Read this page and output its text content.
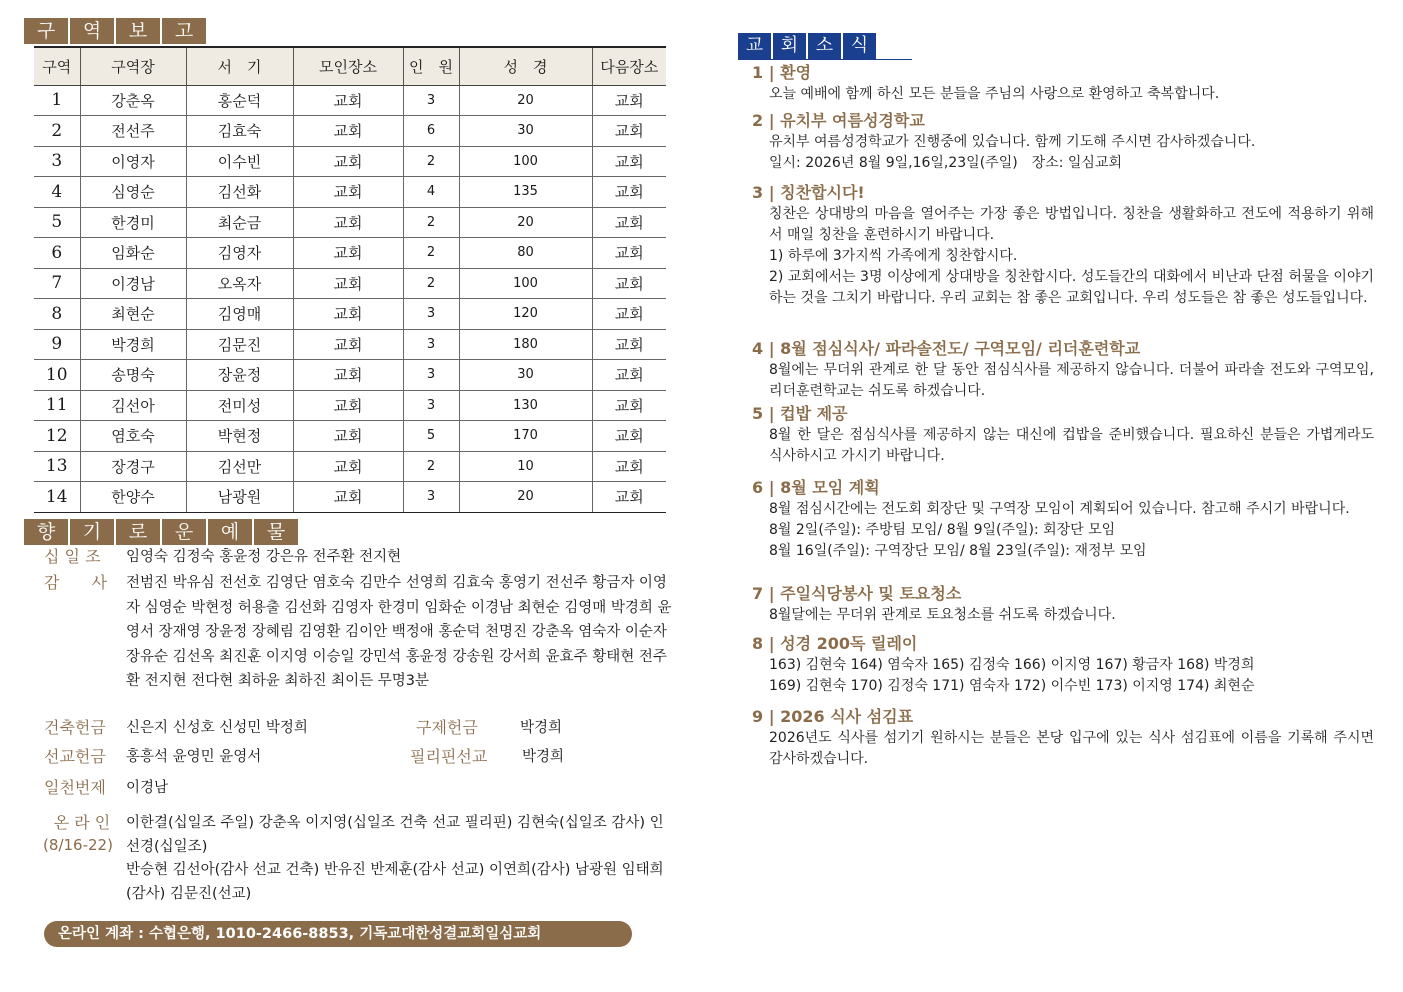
구	역	보	고
구역	구역장	서　기	모인장소	인　원	성　경	다음장소
1	강춘옥	홍순덕	교회	3	20	교회
2	전선주	김효숙	교회	6	30	교회
3	이영자	이수빈	교회	2	100	교회
4	심영순	김선화	교회	4	135	교회
5	한경미	최순금	교회	2	20	교회
6	임화순	김영자	교회	2	80	교회
7	이경남	오옥자	교회	2	100	교회
8	최현순	김영매	교회	3	120	교회
9	박경희	김문진	교회	3	180	교회
10	송명숙	장윤정	교회	3	30	교회
11	김선아	전미성	교회	3	130	교회
12	염호숙	박현정	교회	5	170	교회
13	장경구	김선만	교회	2	10	교회
14	한양수	남광원	교회	3	20	교회
향	기	로	운	예	물
십 일 조	임영숙 김정숙 홍윤정 강은유 전주환 전지현
감　　사	전범진 박유심 전선호 김영단 염호숙 김만수 선영희 김효숙 홍영기 전선주 황금자 이영자 심영순 박현정 허용출 김선화 김영자 한경미 임화순 이경남 최현순 김영매 박경희 윤영서 장재영 장윤정 장혜림 김영환 김이안 백정애 홍순덕 천명진 강춘옥 염숙자 이순자 장유순 김선옥 최진훈 이지영 이승일 강민석 홍윤정 강송원 강서희 윤효주 황태현 전주환 전지현 전다현 최하윤 최하진 최이든 무명3분
건축헌금	신은지 신성호 신성민 박정희	구제헌금	박경희
선교헌금	홍흥석 윤영민 윤영서	필리핀선교	박경희
일천번제	이경남
온 라 인
(8/16-22)
이한결(십일조 주일) 강춘옥 이지영(십일조 건축 선교 필리핀) 김현숙(십일조 감사) 인선경(십일조)
반승현 김선아(감사 선교 건축) 반유진 반제훈(감사 선교) 이연희(감사) 남광원 임태희(감사) 김문진(선교)
온라인 계좌 : 수협은행, 1010-2466-8853, 기독교대한성결교회일심교회
교 회 소 식
1 | 환영
오늘 예배에 함께 하신 모든 분들을 주님의 사랑으로 환영하고 축복합니다.
2 | 유치부 여름성경학교
유치부 여름성경학교가 진행중에 있습니다. 함께 기도해 주시면 감사하겠습니다.
일시: 2026년 8월 9일,16일,23일(주일)　장소: 일심교회
3 | 칭찬합시다!
칭찬은 상대방의 마음을 열어주는 가장 좋은 방법입니다. 칭찬을 생활화하고 전도에 적용하기 위해서 매일 칭찬을 훈련하시기 바랍니다.
1) 하루에 3가지씩 가족에게 칭찬합시다.
2) 교회에서는 3명 이상에게 상대방을 칭찬합시다. 성도들간의 대화에서 비난과 단점 허물을 이야기하는 것을 그치기 바랍니다. 우리 교회는 참 좋은 교회입니다. 우리 성도들은 참 좋은 성도들입니다.
4 | 8월 점심식사/ 파라솔전도/ 구역모임/ 리더훈련학교
8월에는 무더위 관계로 한 달 동안 점심식사를 제공하지 않습니다. 더불어 파라솔 전도와 구역모임, 리더훈련학교는 쉬도록 하겠습니다.
5 | 컵밥 제공
8월 한 달은 점심식사를 제공하지 않는 대신에 컵밥을 준비했습니다. 필요하신 분들은 가볍게라도 식사하시고 가시기 바랍니다.
6 | 8월 모임 계획
8월 점심시간에는 전도회 회장단 및 구역장 모임이 계획되어 있습니다. 참고해 주시기 바랍니다.
8월 2일(주일): 주방팀 모임/ 8월 9일(주일): 회장단 모임
8월 16일(주일): 구역장단 모임/ 8월 23일(주일): 재정부 모임
7 | 주일식당봉사 및 토요청소
8월달에는 무더위 관계로 토요청소를 쉬도록 하겠습니다.
8 | 성경 200독 릴레이
163) 김현숙 164) 염숙자 165) 김정숙 166) 이지영 167) 황금자 168) 박경희
169) 김현숙 170) 김정숙 171) 염숙자 172) 이수빈 173) 이지영 174) 최현순
9 | 2026 식사 섬김표
2026년도 식사를 섬기기 원하시는 분들은 본당 입구에 있는 식사 섬김표에 이름을 기록해 주시면 감사하겠습니다.
